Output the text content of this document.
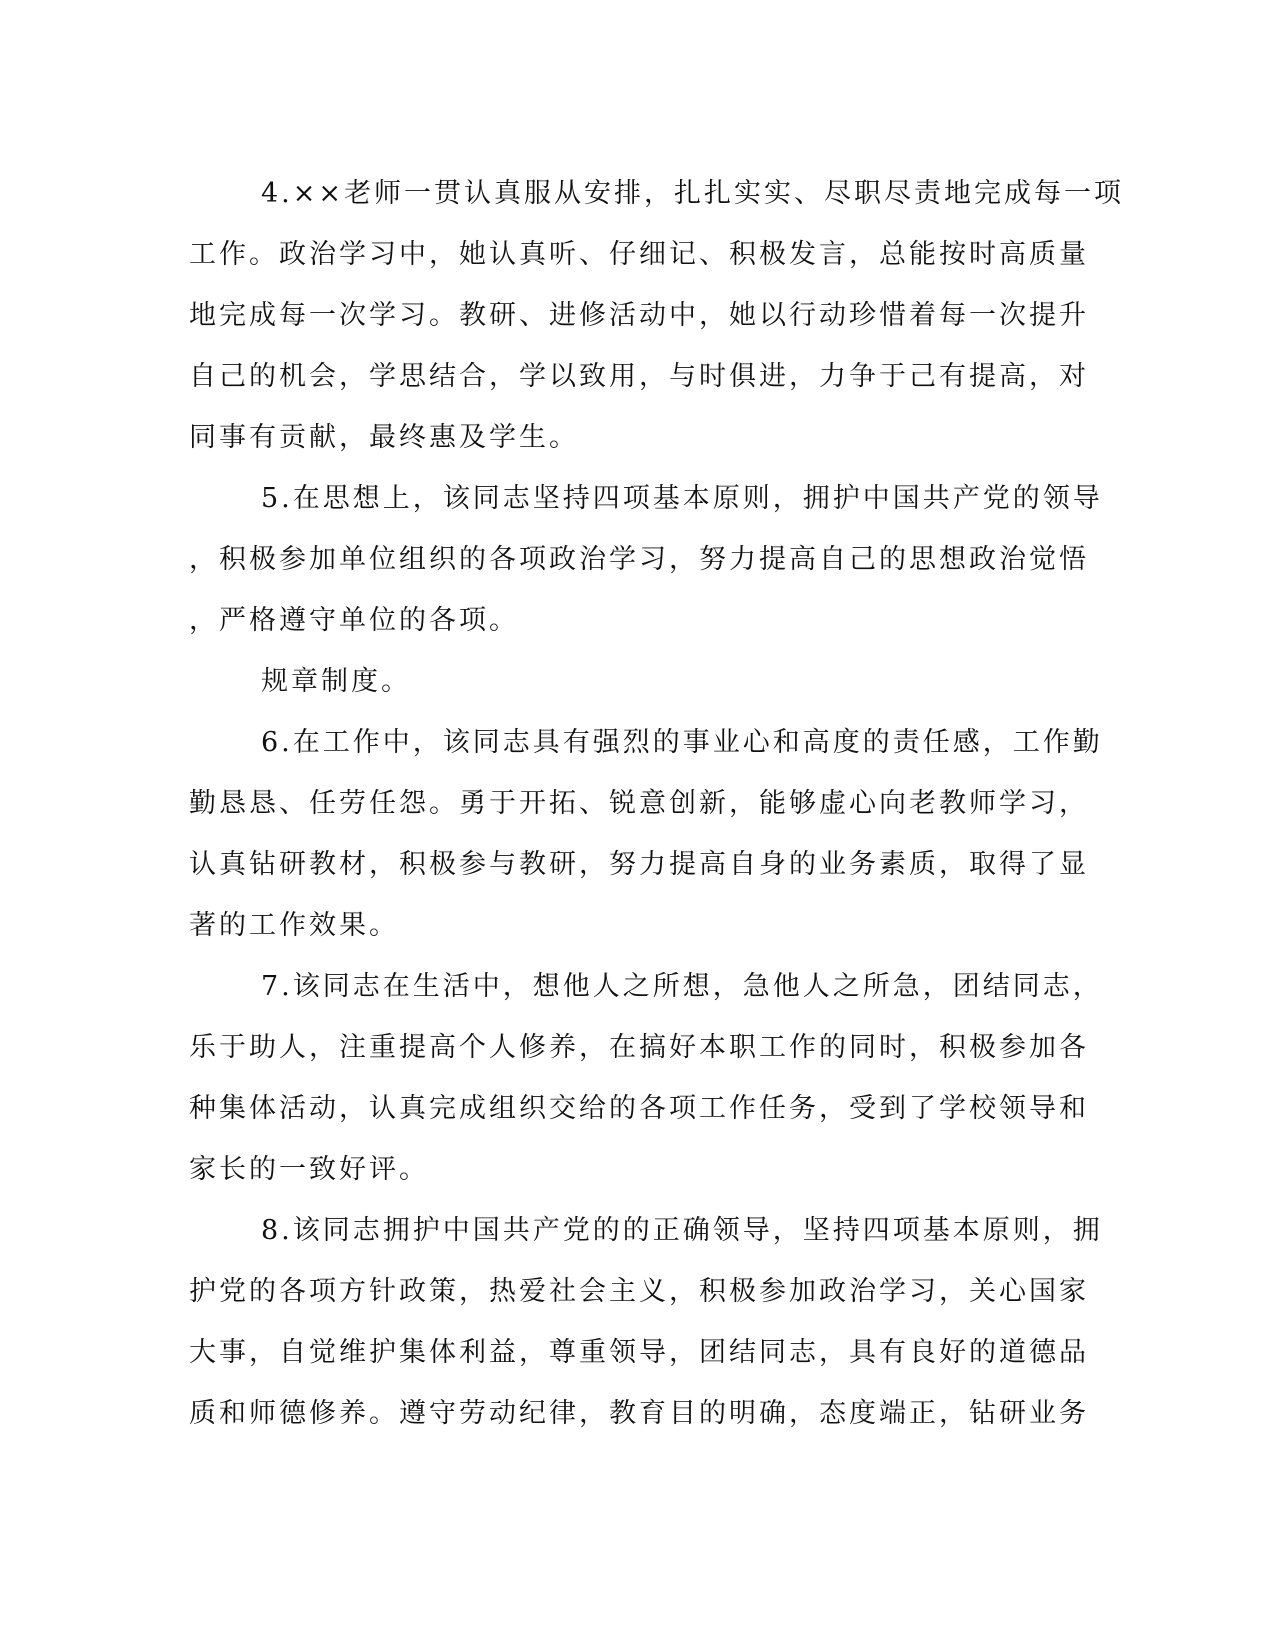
4.××老师一贯认真服从安排，扎扎实实、尽职尽责地完成每一项
工作。政治学习中，她认真听、仔细记、积极发言，总能按时高质量
地完成每一次学习。教研、进修活动中，她以行动珍惜着每一次提升
自己的机会，学思结合，学以致用，与时俱进，力争于己有提高，对
同事有贡献，最终惠及学生。

5.在思想上，该同志坚持四项基本原则，拥护中国共产党的领导
，积极参加单位组织的各项政治学习，努力提高自己的思想政治觉悟
，严格遵守单位的各项。

规章制度。

6.在工作中，该同志具有强烈的事业心和高度的责任感，工作勤
勤恳恳、任劳任怨。勇于开拓、锐意创新，能够虚心向老教师学习，
认真钻研教材，积极参与教研，努力提高自身的业务素质，取得了显
著的工作效果。

7.该同志在生活中，想他人之所想，急他人之所急，团结同志，
乐于助人，注重提高个人修养，在搞好本职工作的同时，积极参加各
种集体活动，认真完成组织交给的各项工作任务，受到了学校领导和
家长的一致好评。

8.该同志拥护中国共产党的的正确领导，坚持四项基本原则，拥
护党的各项方针政策，热爱社会主义，积极参加政治学习，关心国家
大事，自觉维护集体利益，尊重领导，团结同志，具有良好的道德品
质和师德修养。遵守劳动纪律，教育目的明确，态度端正，钻研业务
